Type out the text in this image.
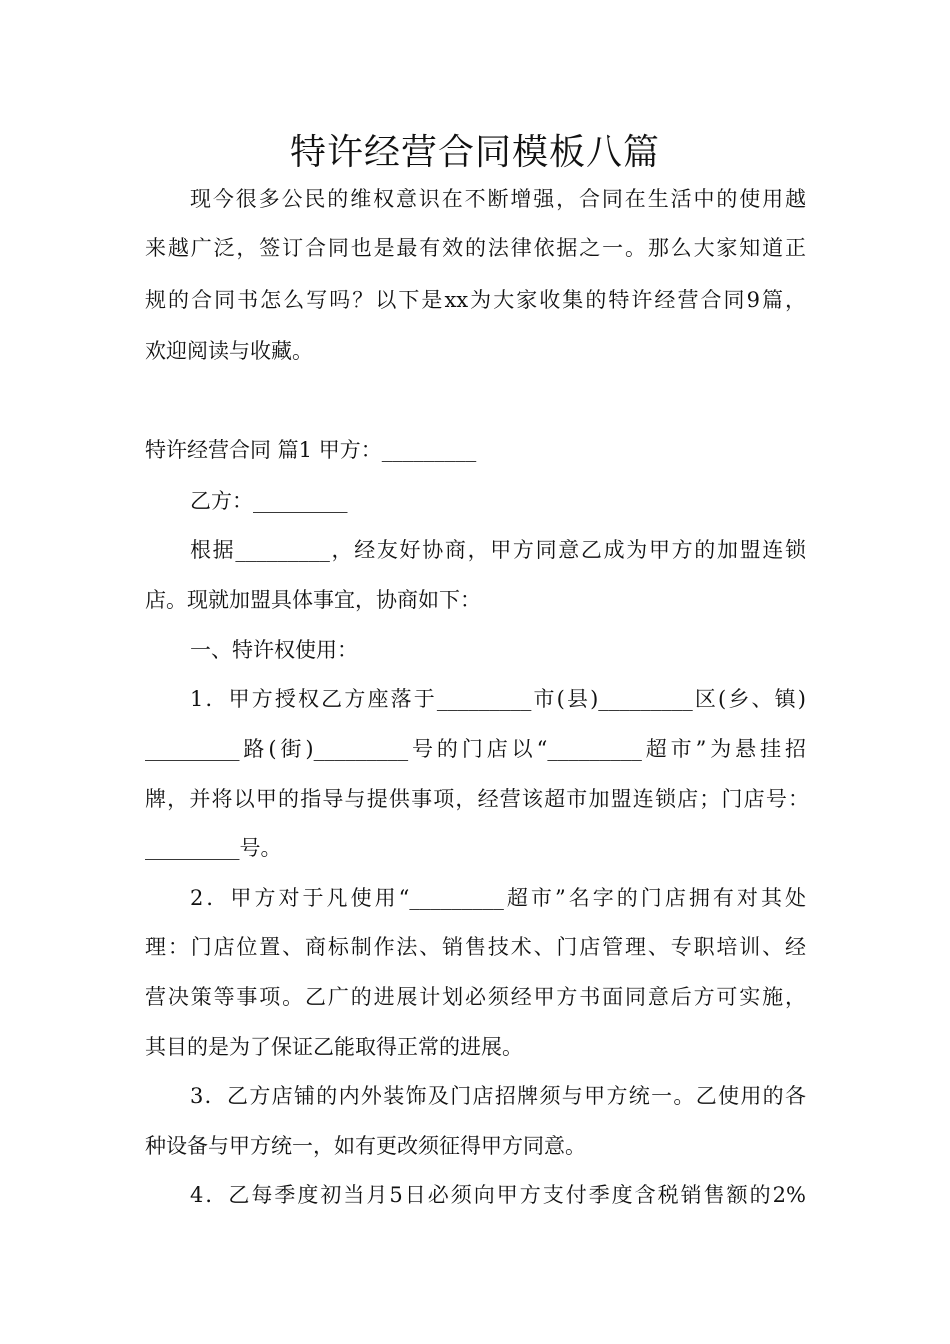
特许经营合同模板八篇
现今很多公民的维权意识在不断增强，合同在生活中的使用越
来越广泛，签订合同也是最有效的法律依据之一。那么大家知道正
规的合同书怎么写吗？以下是xx为大家收集的特许经营合同9篇，
欢迎阅读与收藏。
特许经营合同 篇1 甲方：_________
乙方：_________
根据_________，经友好协商，甲方同意乙成为甲方的加盟连锁
店。现就加盟具体事宜，协商如下：
一、特许权使用：
1．甲方授权乙方座落于_________市(县)_________区(乡、镇)
_________路(街)_________号的门店以“_________超市”为悬挂招
牌，并将以甲的指导与提供事项，经营该超市加盟连锁店；门店号：
_________号。
2．甲方对于凡使用“_________超市”名字的门店拥有对其处
理：门店位置、商标制作法、销售技术、门店管理、专职培训、经
营决策等事项。乙广的进展计划必须经甲方书面同意后方可实施，
其目的是为了保证乙能取得正常的进展。
3．乙方店铺的内外装饰及门店招牌须与甲方统一。乙使用的各
种设备与甲方统一，如有更改须征得甲方同意。
4．乙每季度初当月5日必须向甲方支付季度含税销售额的2%
